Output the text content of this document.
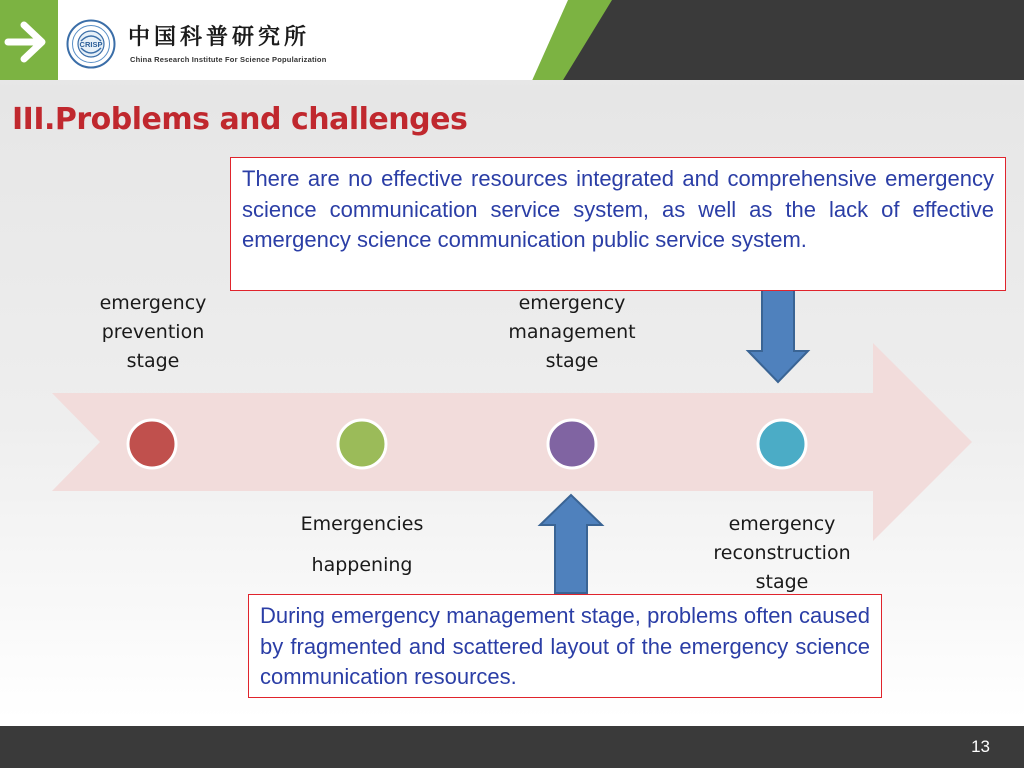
CRISP 中国科普研究所
China Research Institute For Science Popularization
III.Problems and challenges
There are no effective resources integrated and comprehensive emergency science communication service system, as well as the lack of effective emergency science communication public service system.
During emergency management stage, problems often caused by fragmented and scattered layout of the emergency science communication resources.
emergency
prevention
stage
emergency
management
stage
Emergencies
happening
emergency
reconstruction
stage
13
